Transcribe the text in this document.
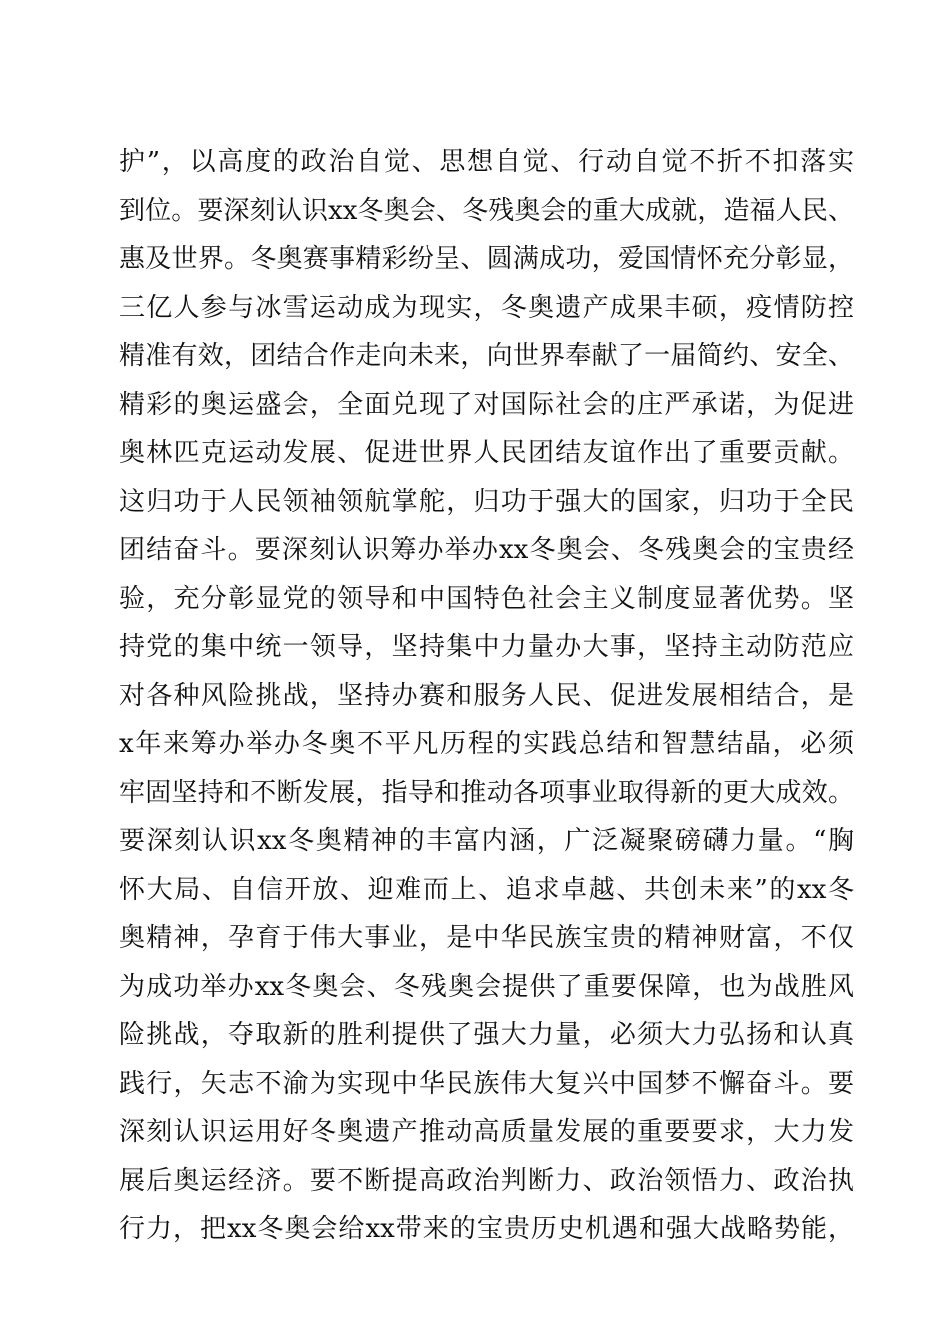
护”，以高度的政治自觉、思想自觉、行动自觉不折不扣落实
到位。要深刻认识xx冬奥会、冬残奥会的重大成就，造福人民、
惠及世界。冬奥赛事精彩纷呈、圆满成功，爱国情怀充分彰显，
三亿人参与冰雪运动成为现实，冬奥遗产成果丰硕，疫情防控
精准有效，团结合作走向未来，向世界奉献了一届简约、安全、
精彩的奥运盛会，全面兑现了对国际社会的庄严承诺，为促进
奥林匹克运动发展、促进世界人民团结友谊作出了重要贡献。
这归功于人民领袖领航掌舵，归功于强大的国家，归功于全民
团结奋斗。要深刻认识筹办举办xx冬奥会、冬残奥会的宝贵经
验，充分彰显党的领导和中国特色社会主义制度显著优势。坚
持党的集中统一领导，坚持集中力量办大事，坚持主动防范应
对各种风险挑战，坚持办赛和服务人民、促进发展相结合，是
x年来筹办举办冬奥不平凡历程的实践总结和智慧结晶，必须
牢固坚持和不断发展，指导和推动各项事业取得新的更大成效。
要深刻认识xx冬奥精神的丰富内涵，广泛凝聚磅礴力量。“胸
怀大局、自信开放、迎难而上、追求卓越、共创未来”的xx冬
奥精神，孕育于伟大事业，是中华民族宝贵的精神财富，不仅
为成功举办xx冬奥会、冬残奥会提供了重要保障，也为战胜风
险挑战，夺取新的胜利提供了强大力量，必须大力弘扬和认真
践行，矢志不渝为实现中华民族伟大复兴中国梦不懈奋斗。要
深刻认识运用好冬奥遗产推动高质量发展的重要要求，大力发
展后奥运经济。要不断提高政治判断力、政治领悟力、政治执
行力，把xx冬奥会给xx带来的宝贵历史机遇和强大战略势能，
